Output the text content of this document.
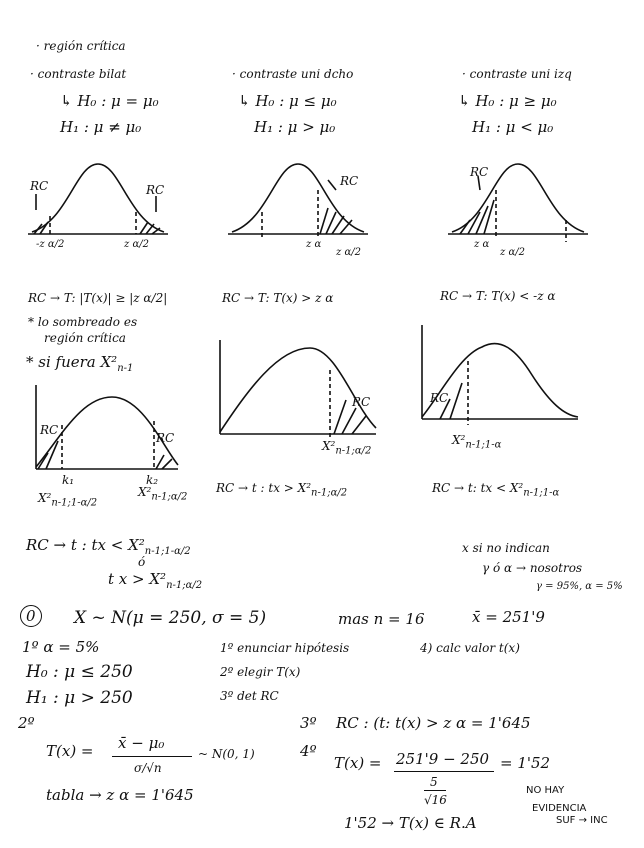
· región crítica
· contraste bilat
↳ H₀ : μ = μ₀
H₁ : μ ≠ μ₀
· contraste uni dcho
↳ H₀ : μ ≤ μ₀
H₁ : μ > μ₀
· contraste uni izq
↳ H₀ : μ ≥ μ₀
H₁ : μ < μ₀
RC	RC
-z α/2	z α/2
RC
z α
z α/2
RC
z α
z α/2
RC → T: |T(x)| ≥ |z α/2|	RC → T: T(x) > z α	RC → T: T(x) < -z α
* lo sombreado es
región crítica
* si fuera $X^2_{n-1}$
RC
RC
k₁	k₂
$X^2_{n-1;1-\alpha/2}$
$X^2_{n-1;\alpha/2}$
RC
$X^2_{n-1;\alpha/2}$
RC → t : tx > $X^2_{n-1;\alpha/2}$
RC
$X^2_{n-1;1-\alpha}$
RC → t: tx < $X^2_{n-1;1-\alpha}$
RC → t : tx < $X^2_{n-1;1-\alpha/2}$
ó
t $x > X^2_{n-1;\alpha/2}$
x si no indican
γ ó α → nosotros
γ = 95%, α = 5%
0 X ~ N(μ = 250, σ = 5)	mas n = 16	x̄ = 251'9
1º α = 5%
H₀ : μ ≤ 250
H₁ : μ > 250
1º enunciar hipótesis
2º elegir T(x)
3º det RC
4) calc valor t(x)
2º
T(x) = x̄ − μ₀
σ/√n
~ N(0, 1)
tabla → z α = 1'645
3º RC : (t: t(x) > z α = 1'645
4º
T(x) = 251'9 − 250
5
√16
= 1'52
1'52 → T(x) ∈ R.A
NO HAY
EVIDENCIA
SUF → INC
